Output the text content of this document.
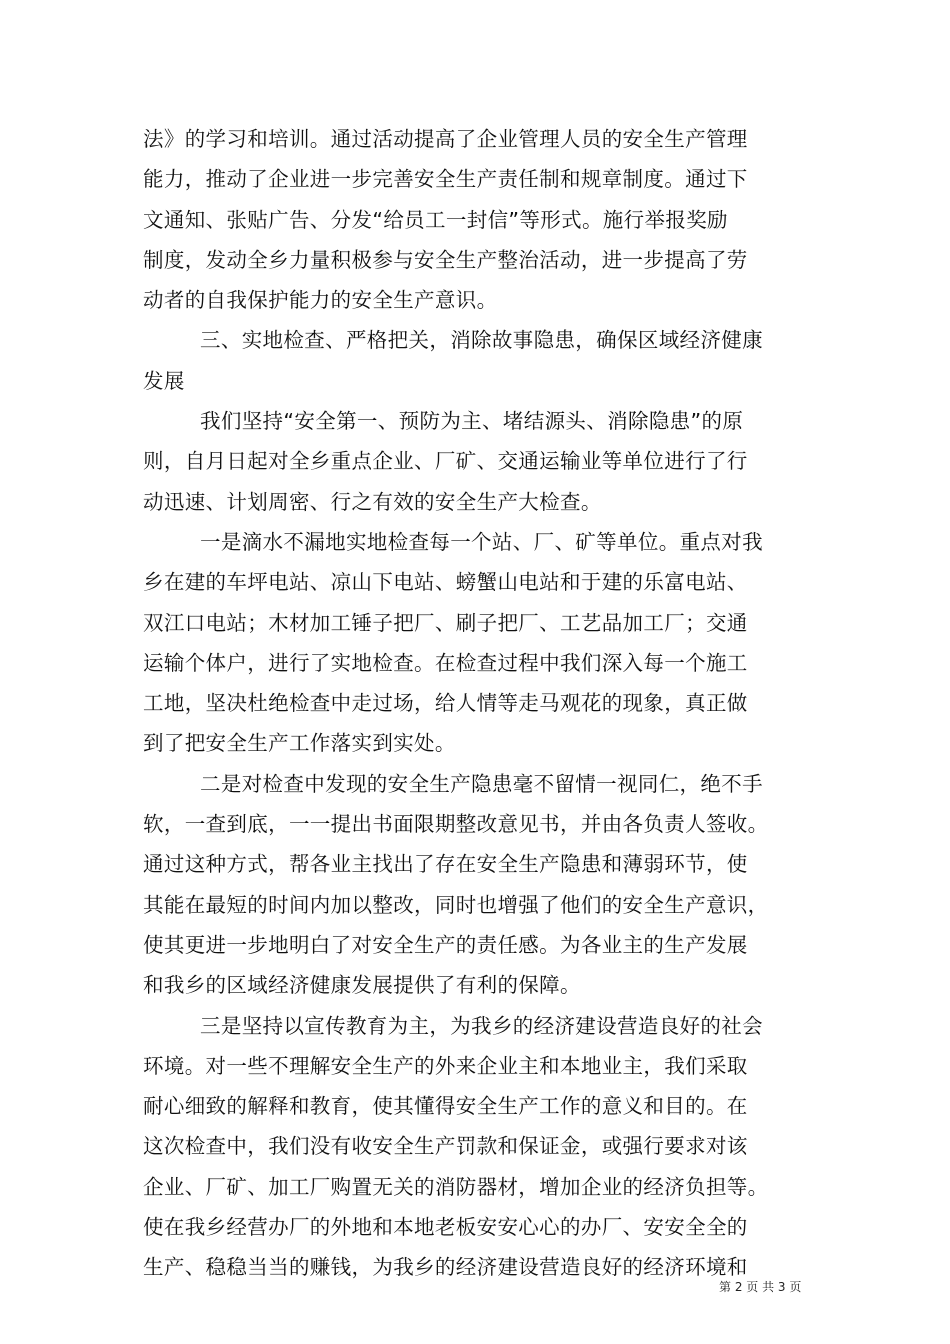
法》的学习和培训。通过活动提高了企业管理人员的安全生产管理
能力，推动了企业进一步完善安全生产责任制和规章制度。通过下
文通知、张贴广告、分发“给员工一封信”等形式。施行举报奖励
制度，发动全乡力量积极参与安全生产整治活动，进一步提高了劳
动者的自我保护能力的安全生产意识。
三、实地检查、严格把关，消除故事隐患，确保区域经济健康
发展
我们坚持“安全第一、预防为主、堵结源头、消除隐患”的原
则，自月日起对全乡重点企业、厂矿、交通运输业等单位进行了行
动迅速、计划周密、行之有效的安全生产大检查。
一是滴水不漏地实地检查每一个站、厂、矿等单位。重点对我
乡在建的车坪电站、凉山下电站、螃蟹山电站和于建的乐富电站、
双江口电站；木材加工锤子把厂、刷子把厂、工艺品加工厂；交通
运输个体户，进行了实地检查。在检查过程中我们深入每一个施工
工地，坚决杜绝检查中走过场，给人情等走马观花的现象，真正做
到了把安全生产工作落实到实处。
二是对检查中发现的安全生产隐患毫不留情一视同仁，绝不手
软，一查到底，一一提出书面限期整改意见书，并由各负责人签收。
通过这种方式，帮各业主找出了存在安全生产隐患和薄弱环节，使
其能在最短的时间内加以整改，同时也增强了他们的安全生产意识，
使其更进一步地明白了对安全生产的责任感。为各业主的生产发展
和我乡的区域经济健康发展提供了有利的保障。
三是坚持以宣传教育为主，为我乡的经济建设营造良好的社会
环境。对一些不理解安全生产的外来企业主和本地业主，我们采取
耐心细致的解释和教育，使其懂得安全生产工作的意义和目的。在
这次检查中，我们没有收安全生产罚款和保证金，或强行要求对该
企业、厂矿、加工厂购置无关的消防器材，增加企业的经济负担等。
使在我乡经营办厂的外地和本地老板安安心心的办厂、安安全全的
生产、稳稳当当的赚钱，为我乡的经济建设营造良好的经济环境和
第 2 页 共 3 页
